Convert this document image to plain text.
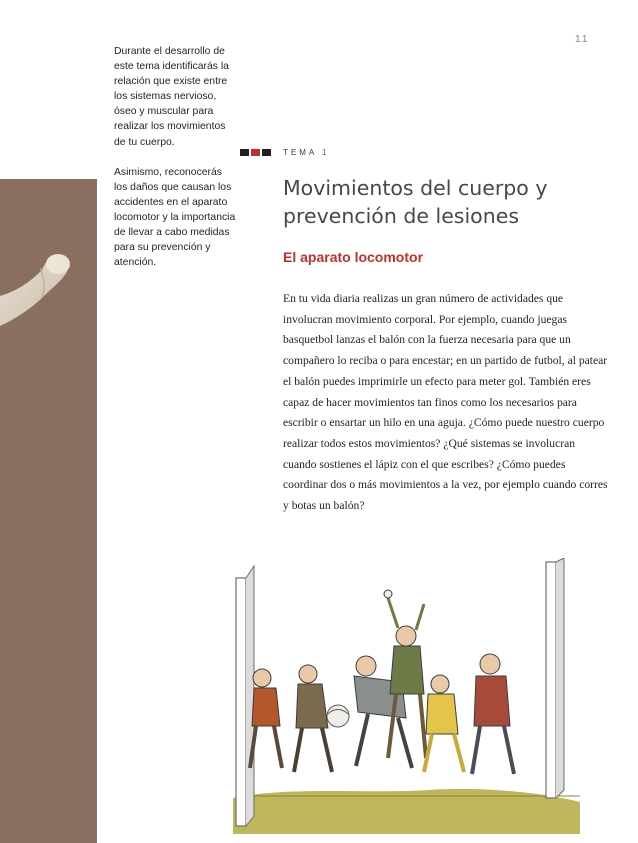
11

Durante el desarrollo de este tema identificarás la relación que existe entre los sistemas nervioso, óseo y muscular para realizar los movimientos de tu cuerpo.

Asimismo, reconocerás los daños que causan los accidentes en el aparato locomotor y la importancia de llevar a cabo medidas para su prevención y atención.

TEMA 1
Movimientos del cuerpo y prevención de lesiones
El aparato locomotor

En tu vida diaria realizas un gran número de actividades que involucran movimiento corporal. Por ejemplo, cuando juegas basquetbol lanzas el balón con la fuerza necesaria para que un compañero lo reciba o para encestar; en un partido de futbol, al patear el balón puedes imprimirle un efecto para meter gol. También eres capaz de hacer movimientos tan finos como los necesarios para escribir o ensartar un hilo en una aguja. ¿Cómo puede nuestro cuerpo realizar todos estos movimientos? ¿Qué sistemas se involucran cuando sostienes el lápiz con el que escribes? ¿Cómo puedes coordinar dos o más movimientos a la vez, por ejemplo cuando corres y botas un balón?
